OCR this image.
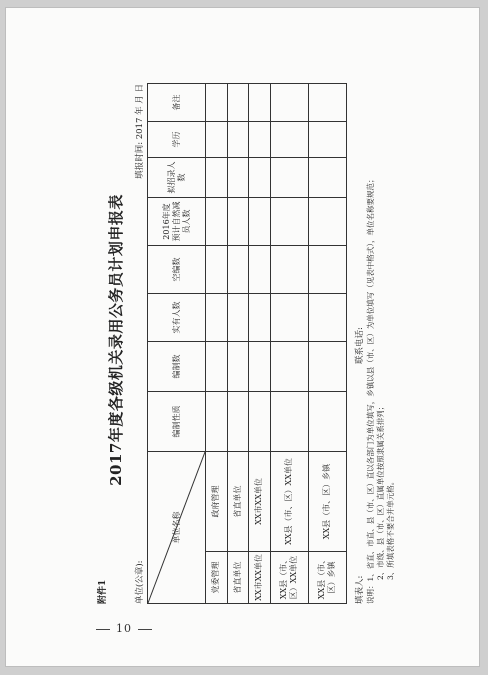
附件1
2017年度各级机关录用公务员计划申报表
单位(公章):
填报时间: 2017 年 月 日
单位名称		编制性质	编制数	实有人数	空编数	2016年度预计自然减员人数	拟招录人数	学历	备注
党委管理	政府管理								
省直单位	省直单位								
XX市XX单位	XX市XX单位								
XX县（市、区）XX单位	XX县（市、区）XX单位								
XX县（市、区）乡镇	XX县（市、区）乡镇								
填表人:
联系电话: 说明：1、省直、市直、县（市、区）直以各部门为单位填写，乡镇以县（市、区）为单位填写（见表中格式），单位名称要规范； 2、市级、县（市、区）直属单位按照隶属关系排列； 3、所填表格不要合并单元格。
10
